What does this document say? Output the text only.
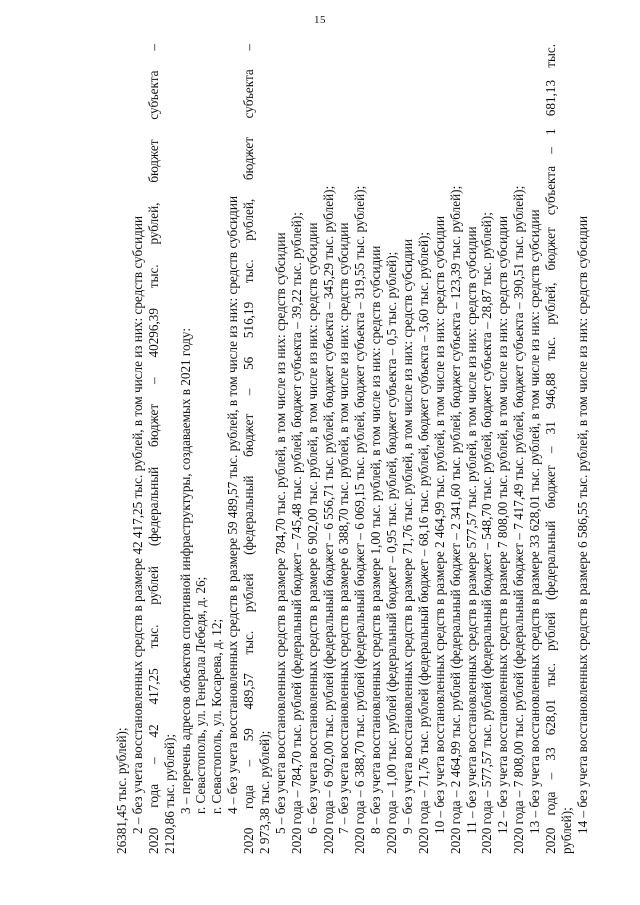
15
26381,45 тыс. рублей); 2 – без учета восстановленных средств в размере 42 417,25 тыс. рублей, в том числе из них: средств субсидии 2020 года – 42 417,25 тыс. рублей (федеральный бюджет – 40296,39 тыс. рублей, бюджет субъекта – 2120,86 тыс. рублей); 3 – перечень адресов объектов спортивной инфраструктуры, создаваемых в 2021 году: г. Севастополь, ул. Генерала Лебедя, д. 26; г. Севастополь, ул. Косарева, д. 12; 4 – без учета восстановленных средств в размере 59 489,57 тыс. рублей, в том числе из них: средств субсидии 2020 года – 59 489,57 тыс. рублей (федеральный бюджет – 56 516,19 тыс. рублей, бюджет субъекта – 2 973,38 тыс. рублей); 5 – без учета восстановленных средств в размере 784,70 тыс. рублей, в том числе из них: средств субсидии 2020 года – 784,70 тыс. рублей (федеральный бюджет – 745,48 тыс. рублей, бюджет субъекта – 39,22 тыс. рублей); 6 – без учета восстановленных средств в размере 6 902,00 тыс. рублей, в том числе из них: средств субсидии 2020 года – 6 902,00 тыс. рублей (федеральный бюджет – 6 556,71 тыс. рублей, бюджет субъекта – 345,29 тыс. рублей); 7 – без учета восстановленных средств в размере 6 388,70 тыс. рублей, в том числе из них: средств субсидии 2020 года – 6 388,70 тыс. рублей (федеральный бюджет – 6 069,15 тыс. рублей, бюджет субъекта – 319,55 тыс. рублей); 8 – без учета восстановленных средств в размере 1,00 тыс. рублей, в том числе из них: средств субсидии 2020 года – 1,00 тыс. рублей (федеральный бюджет – 0,95 тыс. рублей, бюджет субъекта – 0,5 тыс. рублей); 9 – без учета восстановленных средств в размере 71,76 тыс. рублей, в том числе из них: средств субсидии 2020 года – 71,76 тыс. рублей (федеральный бюджет – 68,16 тыс. рублей, бюджет субъекта – 3,60 тыс. рублей); 10 – без учета восстановленных средств в размере 2 464,99 тыс. рублей, в том числе из них: средств субсидии 2020 года – 2 464,99 тыс. рублей (федеральный бюджет – 2 341,60 тыс. рублей, бюджет субъекта – 123,39 тыс. рублей); 11 – без учета восстановленных средств в размере 577,57 тыс. рублей, в том числе из них: средств субсидии 2020 года – 577,57 тыс. рублей (федеральный бюджет – 548,70 тыс. рублей, бюджет субъекта – 28,87 тыс. рублей); 12 – без учета восстановленных средств в размере 7 808,00 тыс. рублей, в том числе из них: средств субсидии 2020 года – 7 808,00 тыс. рублей (федеральный бюджет – 7 417,49 тыс. рублей, бюджет субъекта – 390,51 тыс. рублей); 13 – без учета восстановленных средств в размере 33 628,01 тыс. рублей, в том числе из них: средств субсидии 2020 года – 33 628,01 тыс. рублей (федеральный бюджет – 31 946,88 тыс. рублей, бюджет субъекта – 1 681,13 тыс. рублей); 14 – без учета восстановленных средств в размере 6 586,55 тыс. рублей, в том числе из них: средств субсидии
